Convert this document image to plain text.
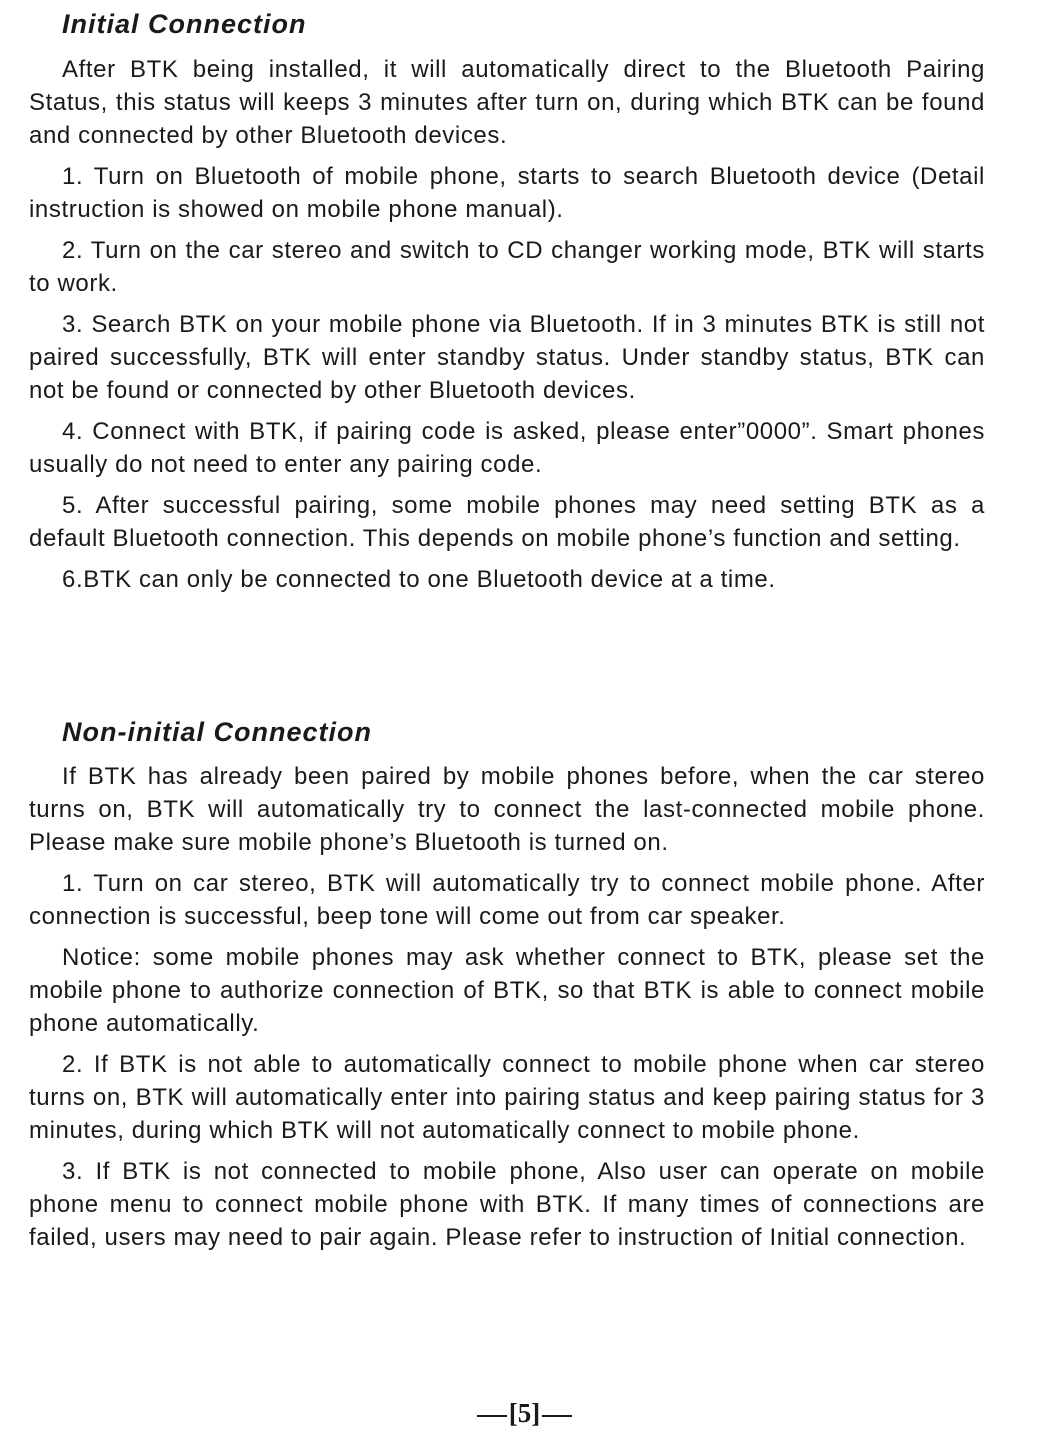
Initial Connection

After BTK being installed, it will automatically direct to the Bluetooth Pairing Status, this status will keeps 3 minutes after turn on, during which BTK can be found and connected by other Bluetooth devices.

1. Turn on Bluetooth of mobile phone, starts to search Bluetooth device (Detail instruction is showed on mobile phone manual).

2. Turn on the car stereo and switch to CD changer working mode, BTK will starts to work.

3. Search BTK on your mobile phone via Bluetooth. If in 3 minutes BTK is still not paired successfully, BTK will enter standby status. Under standby status, BTK can not be found or connected by other Bluetooth devices.

4. Connect with BTK, if pairing code is asked, please enter”0000”. Smart phones usually do not need to enter any pairing code.

5. After successful pairing, some mobile phones may need setting BTK as a default Bluetooth connection. This depends on mobile phone’s function and setting.

6.BTK can only be connected to one Bluetooth device at a time.

Non-initial Connection

If BTK has already been paired by mobile phones before, when the car stereo turns on, BTK will automatically try to connect the last-connected mobile phone. Please make sure mobile phone’s Bluetooth is turned on.

1. Turn on car stereo, BTK will automatically try to connect mobile phone. After connection is successful, beep tone will come out from car speaker.

Notice: some mobile phones may ask whether connect to BTK, please set the mobile phone to authorize connection of BTK, so that BTK is able to connect mobile phone automatically.

2. If BTK is not able to automatically connect to mobile phone when car stereo turns on, BTK will automatically enter into pairing status and keep pairing status for 3 minutes, during which BTK will not automatically connect to mobile phone.

3. If BTK is not connected to mobile phone, Also user can operate on mobile phone menu to connect mobile phone with BTK. If many times of connections are failed, users may need to pair again. Please refer to instruction of Initial connection.

[5]
